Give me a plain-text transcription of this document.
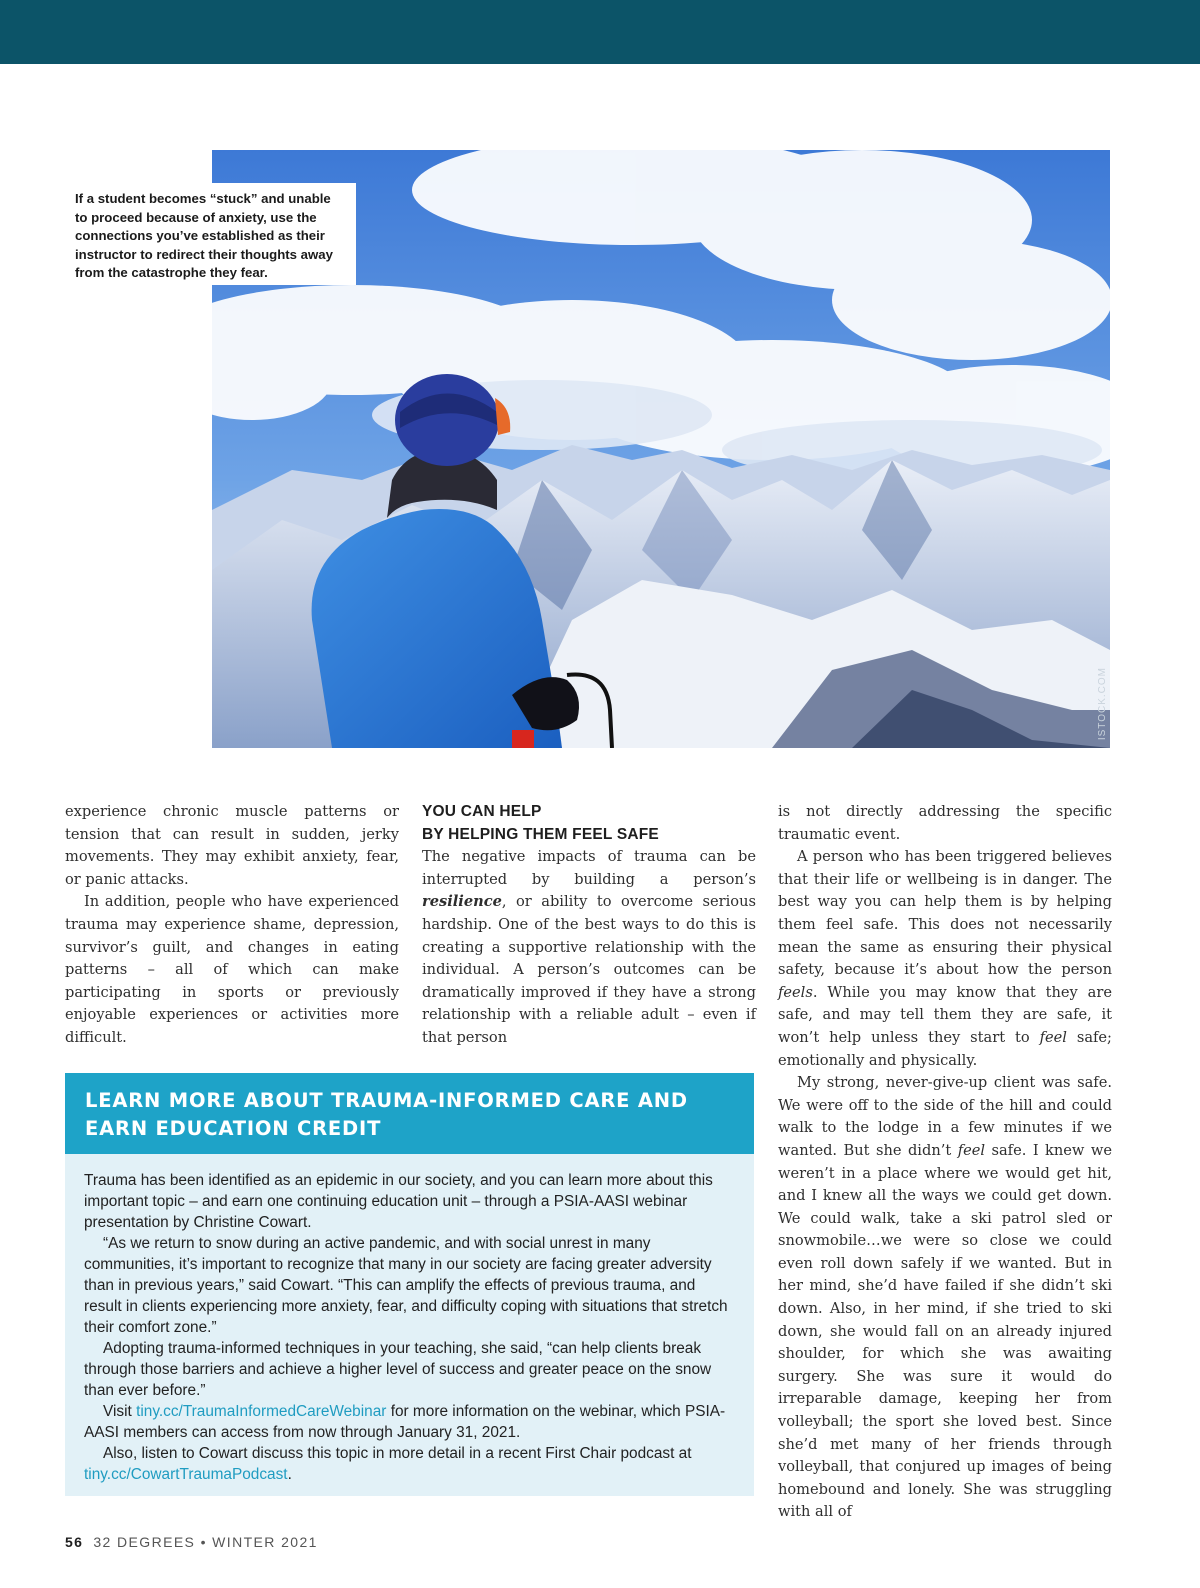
ISTOCK.COM
If a student becomes “stuck” and unable to proceed because of anxiety, use the connections you’ve established as their instructor to redirect their thoughts away from the catastrophe they fear.

experience chronic muscle patterns or tension that can result in sudden, jerky movements. They may exhibit anxiety, fear, or panic attacks.

In addition, people who have experienced trauma may experience shame, depression, survivor’s guilt, and changes in eating patterns – all of which can make participating in sports or previously enjoyable experiences or activities more difficult.

YOU CAN HELP
BY HELPING THEM FEEL SAFE

The negative impacts of trauma can be interrupted by building a person’s resilience, or ability to overcome serious hardship. One of the best ways to do this is creating a supportive relationship with the individual. A person’s outcomes can be dramatically improved if they have a strong relationship with a reliable adult – even if that person

is not directly addressing the specific traumatic event.

A person who has been triggered believes that their life or wellbeing is in danger. The best way you can help them is by helping them feel safe. This does not necessarily mean the same as ensuring their physical safety, because it’s about how the person feels. While you may know that they are safe, and may tell them they are safe, it won’t help unless they start to feel safe; emotionally and physically.

My strong, never-give-up client was safe. We were off to the side of the hill and could walk to the lodge in a few minutes if we wanted. But she didn’t feel safe. I knew we weren’t in a place where we would get hit, and I knew all the ways we could get down. We could walk, take a ski patrol sled or snowmobile…we were so close we could even roll down safely if we wanted. But in her mind, she’d have failed if she didn’t ski down. Also, in her mind, if she tried to ski down, she would fall on an already injured shoulder, for which she was awaiting surgery. She was sure it would do irreparable damage, keeping her from volleyball; the sport she loved best. Since she’d met many of her friends through volleyball, that conjured up images of being homebound and lonely. She was struggling with all of

LEARN MORE ABOUT TRAUMA-INFORMED CARE AND EARN EDUCATION CREDIT

Trauma has been identified as an epidemic in our society, and you can learn more about this important topic – and earn one continuing education unit – through a PSIA-AASI webinar presentation by Christine Cowart.

“As we return to snow during an active pandemic, and with social unrest in many communities, it’s important to recognize that many in our society are facing greater adversity than in previous years,” said Cowart. “This can amplify the effects of previous trauma, and result in clients experiencing more anxiety, fear, and difficulty coping with situations that stretch their comfort zone.”

Adopting trauma-informed techniques in your teaching, she said, “can help clients break through those barriers and achieve a higher level of success and greater peace on the snow than ever before.”

Visit tiny.cc/TraumaInformedCareWebinar for more information on the webinar, which PSIA-AASI members can access from now through January 31, 2021.

Also, listen to Cowart discuss this topic in more detail in a recent First Chair podcast at tiny.cc/CowartTraumaPodcast.

56 32 DEGREES • WINTER 2021
